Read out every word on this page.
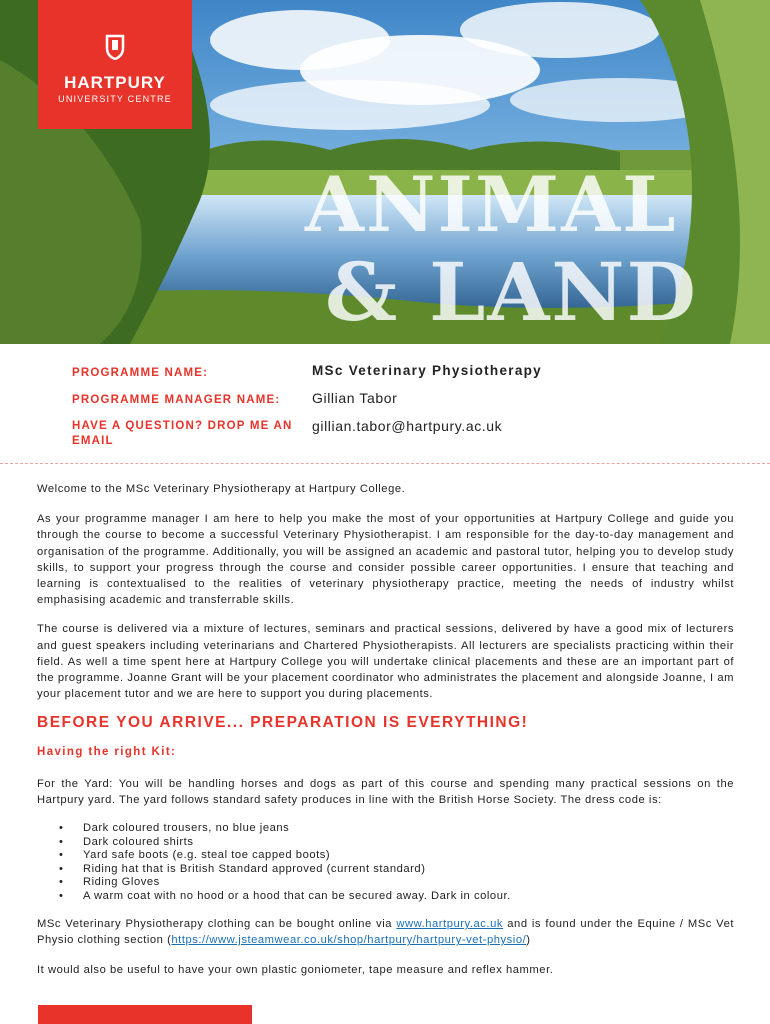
ANIMAL
& LAND
HARTPURY
UNIVERSITY CENTRE
PROGRAMME NAME:	MSc Veterinary Physiotherapy
PROGRAMME MANAGER NAME:	Gillian Tabor
HAVE A QUESTION? DROP ME AN EMAIL
gillian.tabor@hartpury.ac.uk

Welcome to the MSc Veterinary Physiotherapy at Hartpury College.

As your programme manager I am here to help you make the most of your opportunities at Hartpury College and guide you through the course to become a successful Veterinary Physiotherapist. I am responsible for the day-to-day management and organisation of the programme. Additionally, you will be assigned an academic and pastoral tutor, helping you to develop study skills, to support your progress through the course and consider possible career opportunities. I ensure that teaching and learning is contextualised to the realities of veterinary physiotherapy practice, meeting the needs of industry whilst emphasising academic and transferrable skills.

The course is delivered via a mixture of lectures, seminars and practical sessions, delivered by have a good mix of lecturers and guest speakers including veterinarians and Chartered Physiotherapists. All lecturers are specialists practicing within their field. As well a time spent here at Hartpury College you will undertake clinical placements and these are an important part of the programme. Joanne Grant will be your placement coordinator who administrates the placement and alongside Joanne, I am your placement tutor and we are here to support you during placements.

BEFORE YOU ARRIVE... PREPARATION IS EVERYTHING!
Having the right Kit:

For the Yard: You will be handling horses and dogs as part of this course and spending many practical sessions on the Hartpury yard. The yard follows standard safety produces in line with the British Horse Society. The dress code is:

• Dark coloured trousers, no blue jeans
• Dark coloured shirts
• Yard safe boots (e.g. steal toe capped boots)
• Riding hat that is British Standard approved (current standard)
• Riding Gloves
• A warm coat with no hood or a hood that can be secured away. Dark in colour.

MSc Veterinary Physiotherapy clothing can be bought online via www.hartpury.ac.uk and is found under the Equine / MSc Vet Physio clothing section (https://www.jsteamwear.co.uk/shop/hartpury/hartpury-vet-physio/)

It would also be useful to have your own plastic goniometer, tape measure and reflex hammer.
